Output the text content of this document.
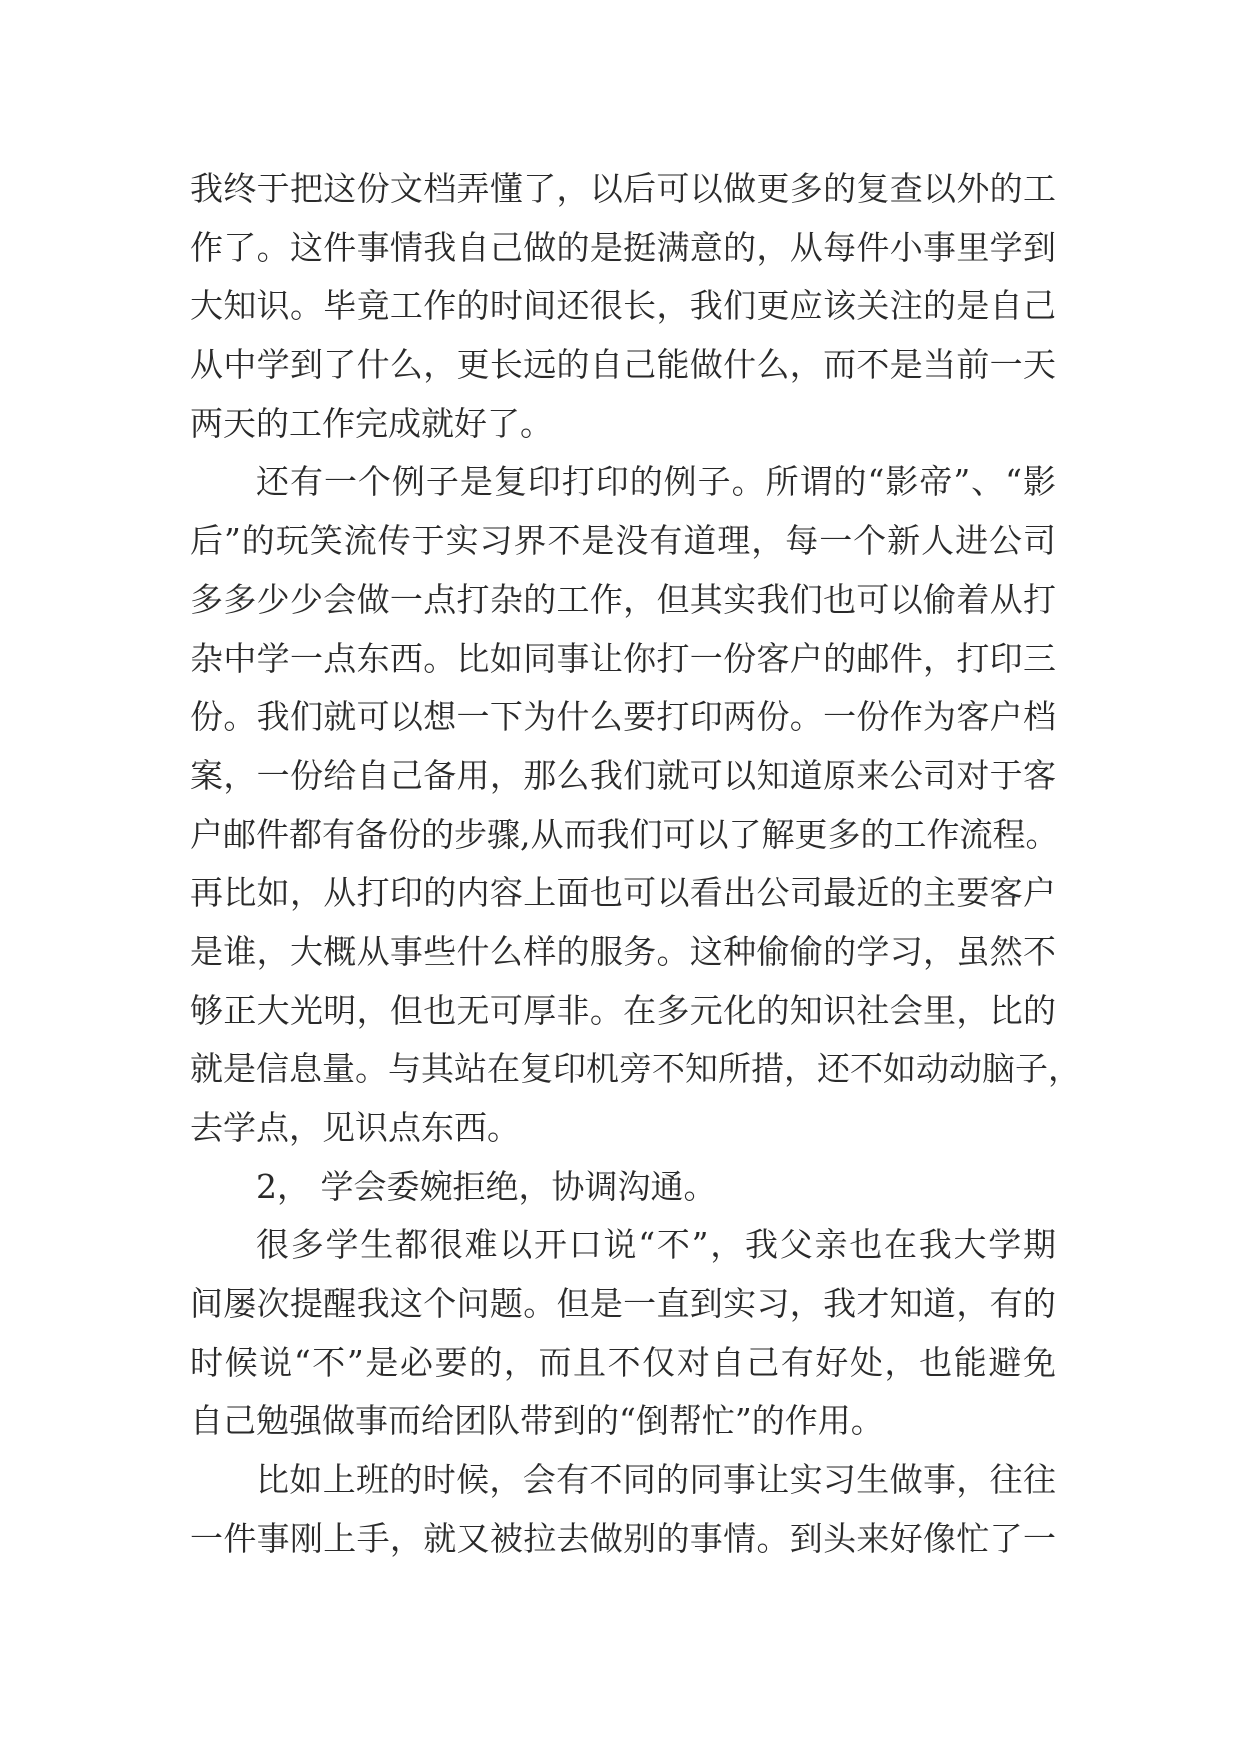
我终于把这份文档弄懂了，以后可以做更多的复查以外的工
作了。这件事情我自己做的是挺满意的，从每件小事里学到
大知识。毕竟工作的时间还很长，我们更应该关注的是自己
从中学到了什么，更长远的自己能做什么，而不是当前一天
两天的工作完成就好了。
还有一个例子是复印打印的例子。所谓的“影帝”、“影
后”的玩笑流传于实习界不是没有道理，每一个新人进公司
多多少少会做一点打杂的工作，但其实我们也可以偷着从打
杂中学一点东西。比如同事让你打一份客户的邮件，打印三
份。我们就可以想一下为什么要打印两份。一份作为客户档
案，一份给自己备用，那么我们就可以知道原来公司对于客
户邮件都有备份的步骤,从而我们可以了解更多的工作流程。
再比如，从打印的内容上面也可以看出公司最近的主要客户
是谁，大概从事些什么样的服务。这种偷偷的学习，虽然不
够正大光明，但也无可厚非。在多元化的知识社会里，比的
就是信息量。与其站在复印机旁不知所措，还不如动动脑子，
去学点，见识点东西。
2， 学会委婉拒绝，协调沟通。
很多学生都很难以开口说“不”，我父亲也在我大学期
间屡次提醒我这个问题。但是一直到实习，我才知道，有的
时候说“不”是必要的，而且不仅对自己有好处，也能避免
自己勉强做事而给团队带到的“倒帮忙”的作用。
比如上班的时候，会有不同的同事让实习生做事，往往
一件事刚上手，就又被拉去做别的事情。到头来好像忙了一
